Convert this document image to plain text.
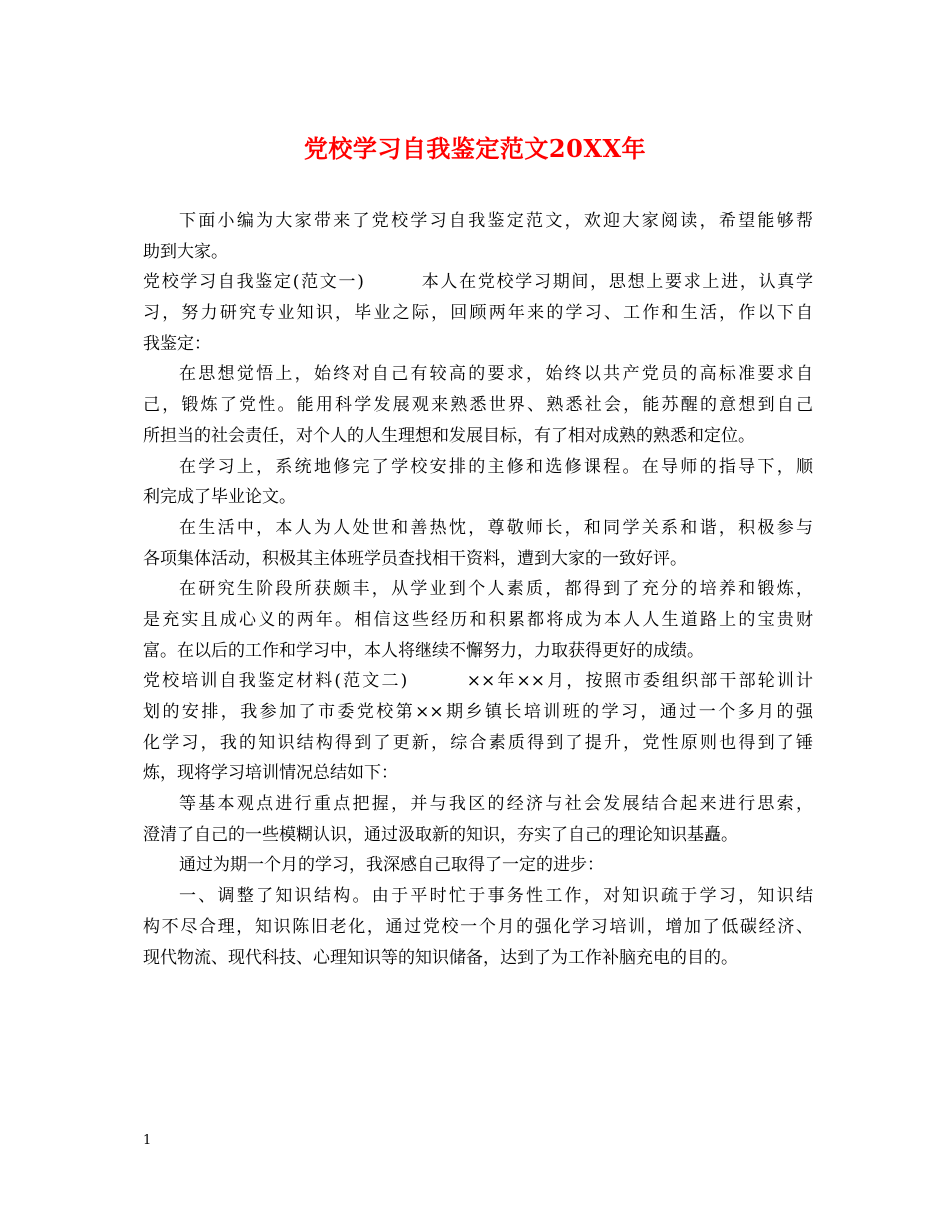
党校学习自我鉴定范文20XX年
下面小编为大家带来了党校学习自我鉴定范文，欢迎大家阅读，希望能够帮
助到大家。
党校学习自我鉴定(范文一)　　　本人在党校学习期间，思想上要求上进，认真学
习，努力研究专业知识，毕业之际，回顾两年来的学习、工作和生活，作以下自
我鉴定：
在思想觉悟上，始终对自己有较高的要求，始终以共产党员的高标准要求自
己，锻炼了党性。能用科学发展观来熟悉世界、熟悉社会，能苏醒的意想到自己
所担当的社会责任，对个人的人生理想和发展目标，有了相对成熟的熟悉和定位。
在学习上，系统地修完了学校安排的主修和选修课程。在导师的指导下，顺
利完成了毕业论文。
在生活中，本人为人处世和善热忱，尊敬师长，和同学关系和谐，积极参与
各项集体活动，积极其主体班学员查找相干资料，遭到大家的一致好评。
在研究生阶段所获颇丰，从学业到个人素质，都得到了充分的培养和锻炼，
是充实且成心义的两年。相信这些经历和积累都将成为本人人生道路上的宝贵财
富。在以后的工作和学习中，本人将继续不懈努力，力取获得更好的成绩。
党校培训自我鉴定材料(范文二)　　　××年××月，按照市委组织部干部轮训计
划的安排，我参加了市委党校第××期乡镇长培训班的学习，通过一个多月的强
化学习，我的知识结构得到了更新，综合素质得到了提升，党性原则也得到了锤
炼，现将学习培训情况总结如下：
等基本观点进行重点把握，并与我区的经济与社会发展结合起来进行思索，
澄清了自己的一些模糊认识，通过汲取新的知识，夯实了自己的理论知识基矗。
通过为期一个月的学习，我深感自己取得了一定的进步：
一、调整了知识结构。由于平时忙于事务性工作，对知识疏于学习，知识结
构不尽合理，知识陈旧老化，通过党校一个月的强化学习培训，增加了低碳经济、
现代物流、现代科技、心理知识等的知识储备，达到了为工作补脑充电的目的。
1
